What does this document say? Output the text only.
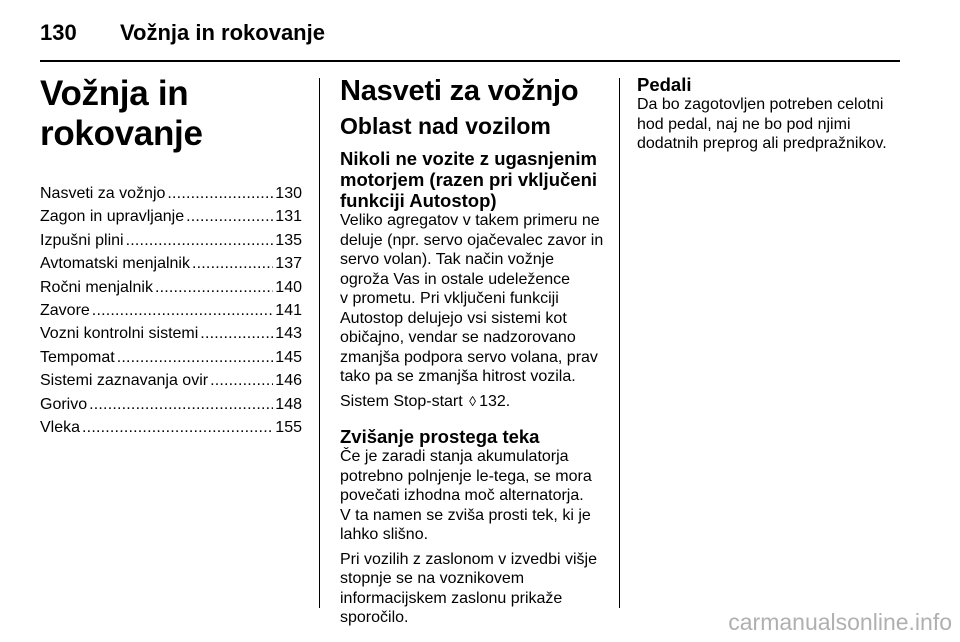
130 Vožnja in rokovanje
Vožnja in rokovanje
Nasveti za vožnjo .....	130
Zagon in upravljanje .....	131
Izpušni plini .....	135
Avtomatski menjalnik .....	137
Ročni menjalnik .....	140
Zavore .....	141
Vozni kontrolni sistemi .....	143
Tempomat .....	145
Sistemi zaznavanja ovir .....	146
Gorivo .....	148
Vleka .....	155
Nasveti za vožnjo
Oblast nad vozilom
Nikoli ne vozite z ugasnjenim
motorjem (razen pri vključeni
funkciji Autostop)
Veliko agregatov v takem primeru ne
deluje (npr. servo ojačevalec zavor in
servo volan). Tak način vožnje
ogroža Vas in ostale udeležence
v prometu. Pri vključeni funkciji
Autostop delujejo vsi sistemi kot
običajno, vendar se nadzorovano
zmanjša podpora servo volana, prav
tako pa se zmanjša hitrost vozila.
Sistem Stop-start ◊ 132.
Zvišanje prostega teka
Če je zaradi stanja akumulatorja
potrebno polnjenje le-tega, se mora
povečati izhodna moč alternatorja.
V ta namen se zviša prosti tek, ki je
lahko slišno.
Pri vozilih z zaslonom v izvedbi višje
stopnje se na voznikovem
informacijskem zaslonu prikaže
sporočilo.
Pedali
Da bo zagotovljen potreben celotni
hod pedal, naj ne bo pod njimi
dodatnih preprog ali predpražnikov.
carmanualsonline.info
